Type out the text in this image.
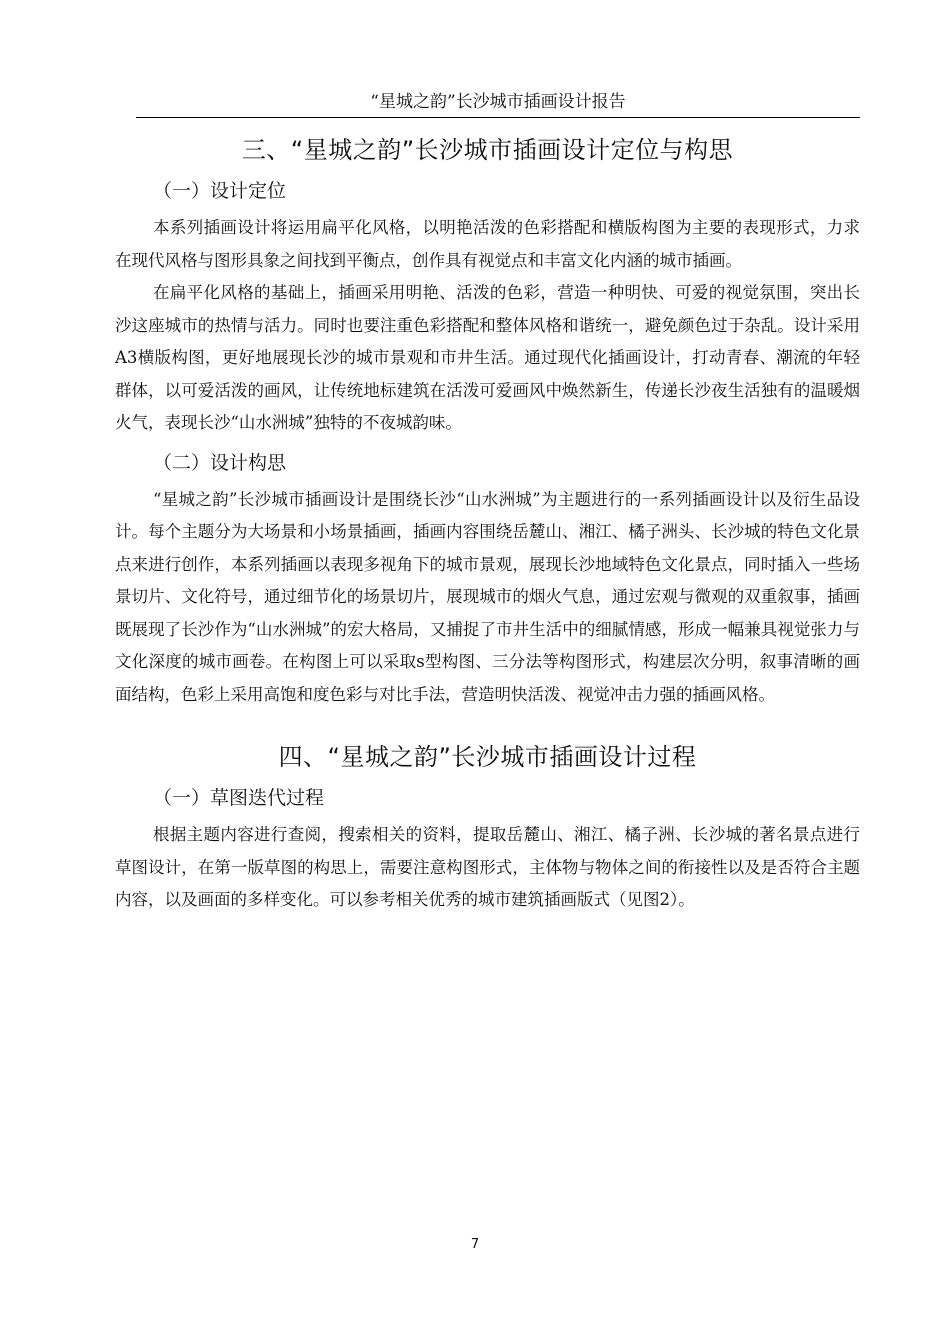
“星城之韵”长沙城市插画设计报告
三、“星城之韵”长沙城市插画设计定位与构思
（一）设计定位

本系列插画设计将运用扁平化风格，以明艳活泼的色彩搭配和横版构图为主要的表现形式，力求在现代风格与图形具象之间找到平衡点，创作具有视觉点和丰富文化内涵的城市插画。

在扁平化风格的基础上，插画采用明艳、活泼的色彩，营造一种明快、可爱的视觉氛围，突出长沙这座城市的热情与活力。同时也要注重色彩搭配和整体风格和谐统一，避免颜色过于杂乱。设计采用A3横版构图，更好地展现长沙的城市景观和市井生活。通过现代化插画设计，打动青春、潮流的年轻群体，以可爱活泼的画风，让传统地标建筑在活泼可爱画风中焕然新生，传递长沙夜生活独有的温暖烟火气，表现长沙“山水洲城”独特的不夜城韵味。

（二）设计构思

“星城之韵”长沙城市插画设计是围绕长沙“山水洲城”为主题进行的一系列插画设计以及衍生品设计。每个主题分为大场景和小场景插画，插画内容围绕岳麓山、湘江、橘子洲头、长沙城的特色文化景点来进行创作，本系列插画以表现多视角下的城市景观，展现长沙地域特色文化景点，同时插入一些场景切片、文化符号，通过细节化的场景切片，展现城市的烟火气息，通过宏观与微观的双重叙事，插画既展现了长沙作为“山水洲城”的宏大格局，又捕捉了市井生活中的细腻情感，形成一幅兼具视觉张力与文化深度的城市画卷。在构图上可以采取s型构图、三分法等构图形式，构建层次分明，叙事清晰的画面结构，色彩上采用高饱和度色彩与对比手法，营造明快活泼、视觉冲击力强的插画风格。

四、“星城之韵”长沙城市插画设计过程
（一）草图迭代过程

根据主题内容进行查阅，搜索相关的资料，提取岳麓山、湘江、橘子洲、长沙城的著名景点进行草图设计，在第一版草图的构思上，需要注意构图形式，主体物与物体之间的衔接性以及是否符合主题内容，以及画面的多样变化。可以参考相关优秀的城市建筑插画版式（见图2）。

7
